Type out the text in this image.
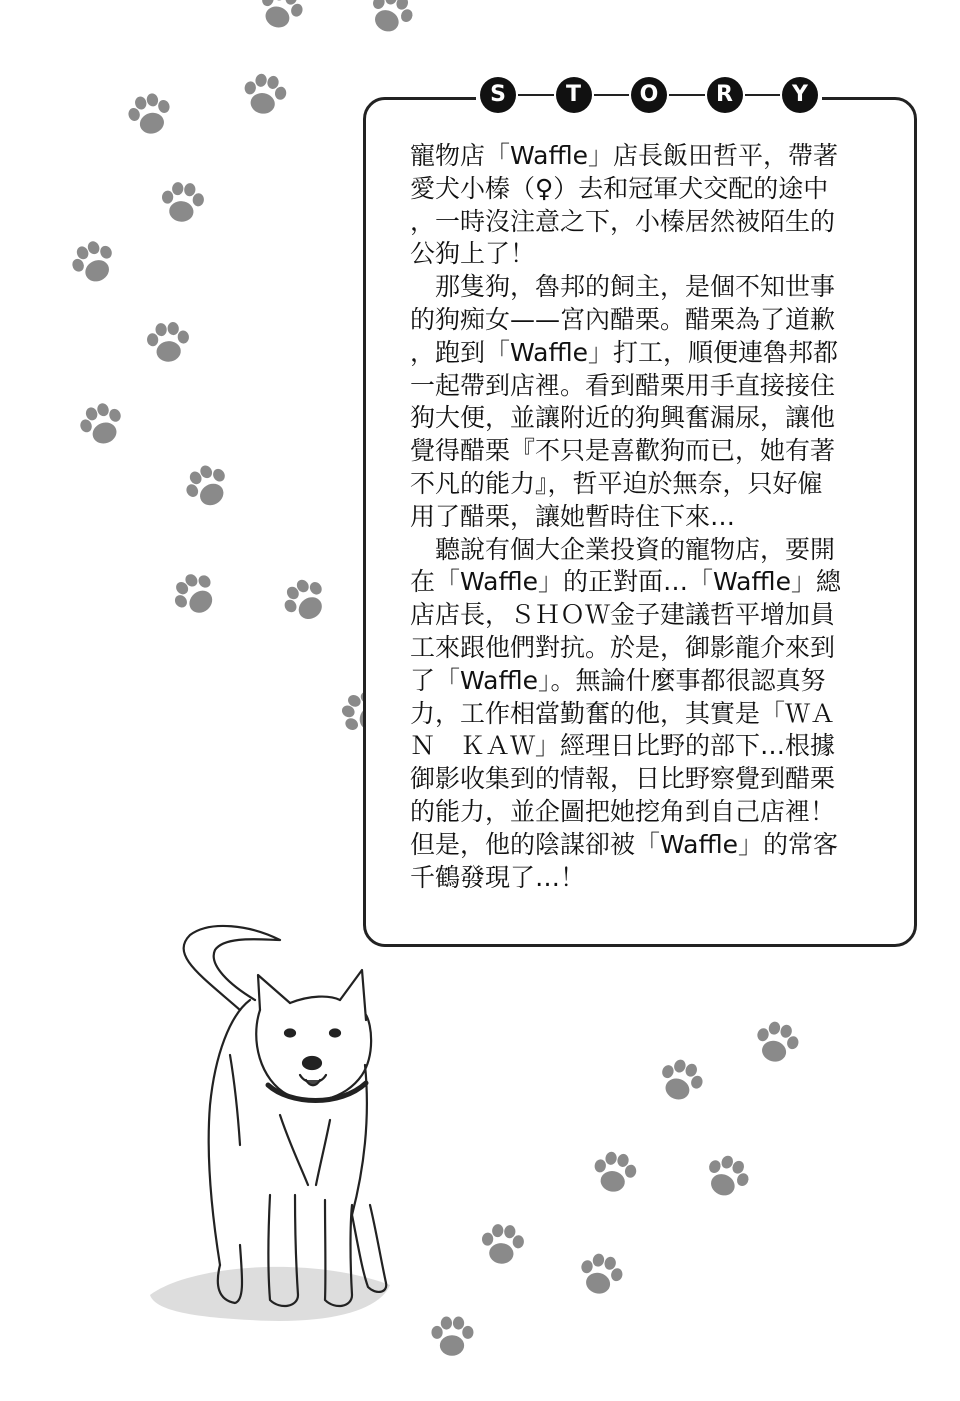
S	T	O	R	Y

寵物店「Waffle」店長飯田哲平，帶著

愛犬小榛（♀）去和冠軍犬交配的途中

，一時沒注意之下，小榛居然被陌生的

公狗上了！

　那隻狗，魯邦的飼主，是個不知世事

的狗痴女——宮內醋栗。醋栗為了道歉

，跑到「Waffle」打工，順便連魯邦都

一起帶到店裡。看到醋栗用手直接接住

狗大便，並讓附近的狗興奮漏尿，讓他

覺得醋栗『不只是喜歡狗而已，她有著

不凡的能力』，哲平迫於無奈，只好僱

用了醋栗，讓她暫時住下來…

　聽說有個大企業投資的寵物店，要開

在「Waffle」的正對面…「Waffle」總

店店長，ＳＨＯＷ金子建議哲平增加員

工來跟他們對抗。於是，御影龍介來到

了「Waffle」。無論什麼事都很認真努

力，工作相當勤奮的他，其實是「ＷＡ

Ｎ　ＫＡＷ」經理日比野的部下…根據

御影收集到的情報，日比野察覺到醋栗

的能力，並企圖把她挖角到自己店裡！

但是，他的陰謀卻被「Waffle」的常客

千鶴發現了…！
